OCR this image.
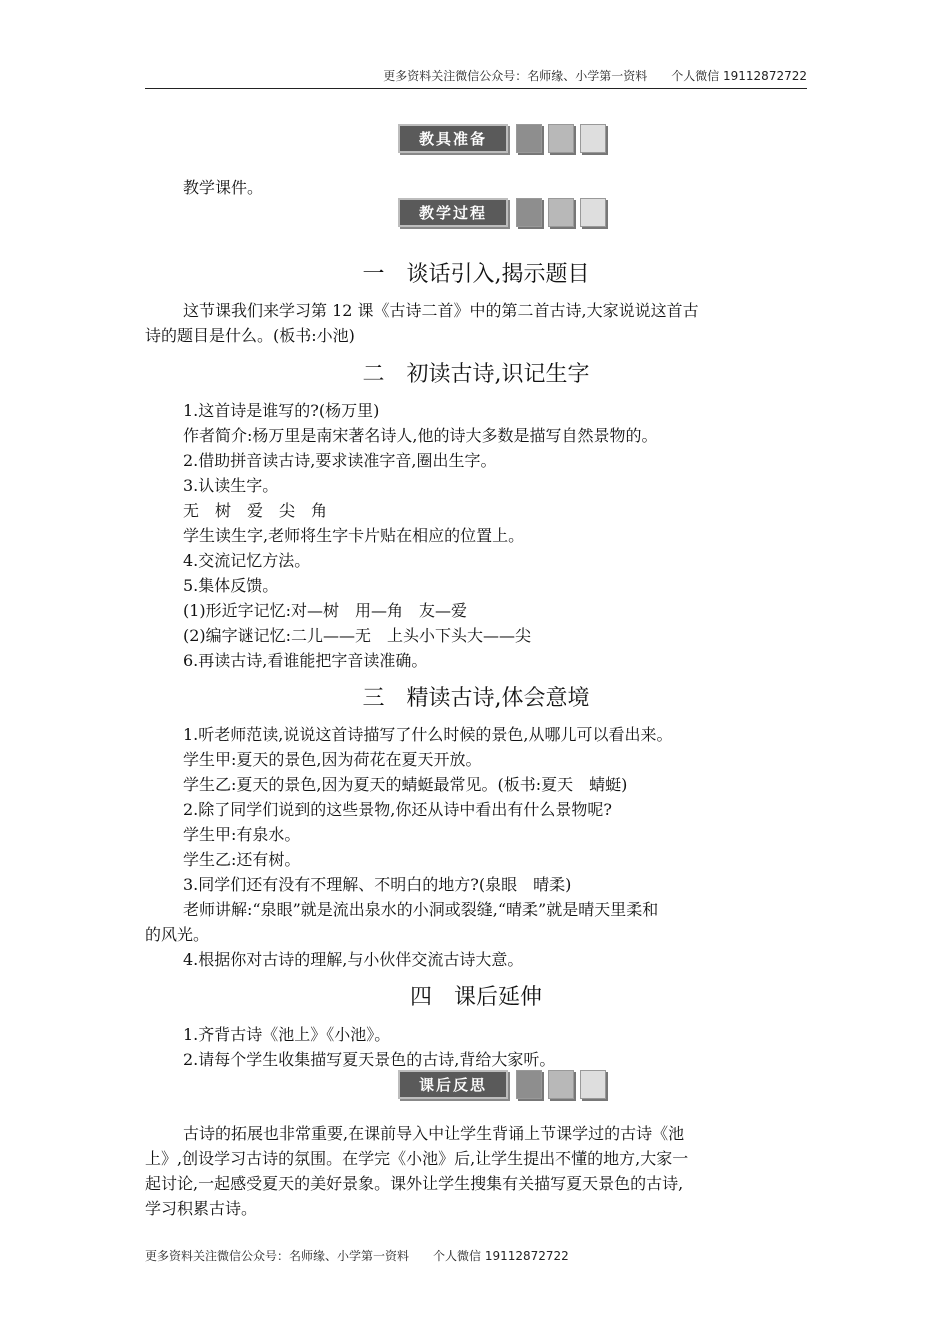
更多资料关注微信公众号：名师缘、小学第一资料　　个人微信 19112872722
教具准备
教学课件。
教学过程
一　谈话引入,揭示题目
这节课我们来学习第 12 课《古诗二首》中的第二首古诗,大家说说这首古
诗的题目是什么。(板书:小池)
二　初读古诗,识记生字
1.这首诗是谁写的?(杨万里)
作者简介:杨万里是南宋著名诗人,他的诗大多数是描写自然景物的。
2.借助拼音读古诗,要求读准字音,圈出生字。
3.认读生字。
无　树　爱　尖　角
学生读生字,老师将生字卡片贴在相应的位置上。
4.交流记忆方法。
5.集体反馈。
(1)形近字记忆:对—树　用—角　友—爱
(2)编字谜记忆:二儿——无　上头小下头大——尖
6.再读古诗,看谁能把字音读准确。
三　精读古诗,体会意境
1.听老师范读,说说这首诗描写了什么时候的景色,从哪儿可以看出来。
学生甲:夏天的景色,因为荷花在夏天开放。
学生乙:夏天的景色,因为夏天的蜻蜓最常见。(板书:夏天　蜻蜓)
2.除了同学们说到的这些景物,你还从诗中看出有什么景物呢?
学生甲:有泉水。
学生乙:还有树。
3.同学们还有没有不理解、不明白的地方?(泉眼　晴柔)
老师讲解:“泉眼”就是流出泉水的小洞或裂缝,“晴柔”就是晴天里柔和
的风光。
4.根据你对古诗的理解,与小伙伴交流古诗大意。
四　课后延伸
1.齐背古诗《池上》《小池》。
2.请每个学生收集描写夏天景色的古诗,背给大家听。
课后反思
古诗的拓展也非常重要,在课前导入中让学生背诵上节课学过的古诗《池
上》,创设学习古诗的氛围。在学完《小池》后,让学生提出不懂的地方,大家一
起讨论,一起感受夏天的美好景象。课外让学生搜集有关描写夏天景色的古诗,
学习积累古诗。
更多资料关注微信公众号：名师缘、小学第一资料　　个人微信 19112872722
